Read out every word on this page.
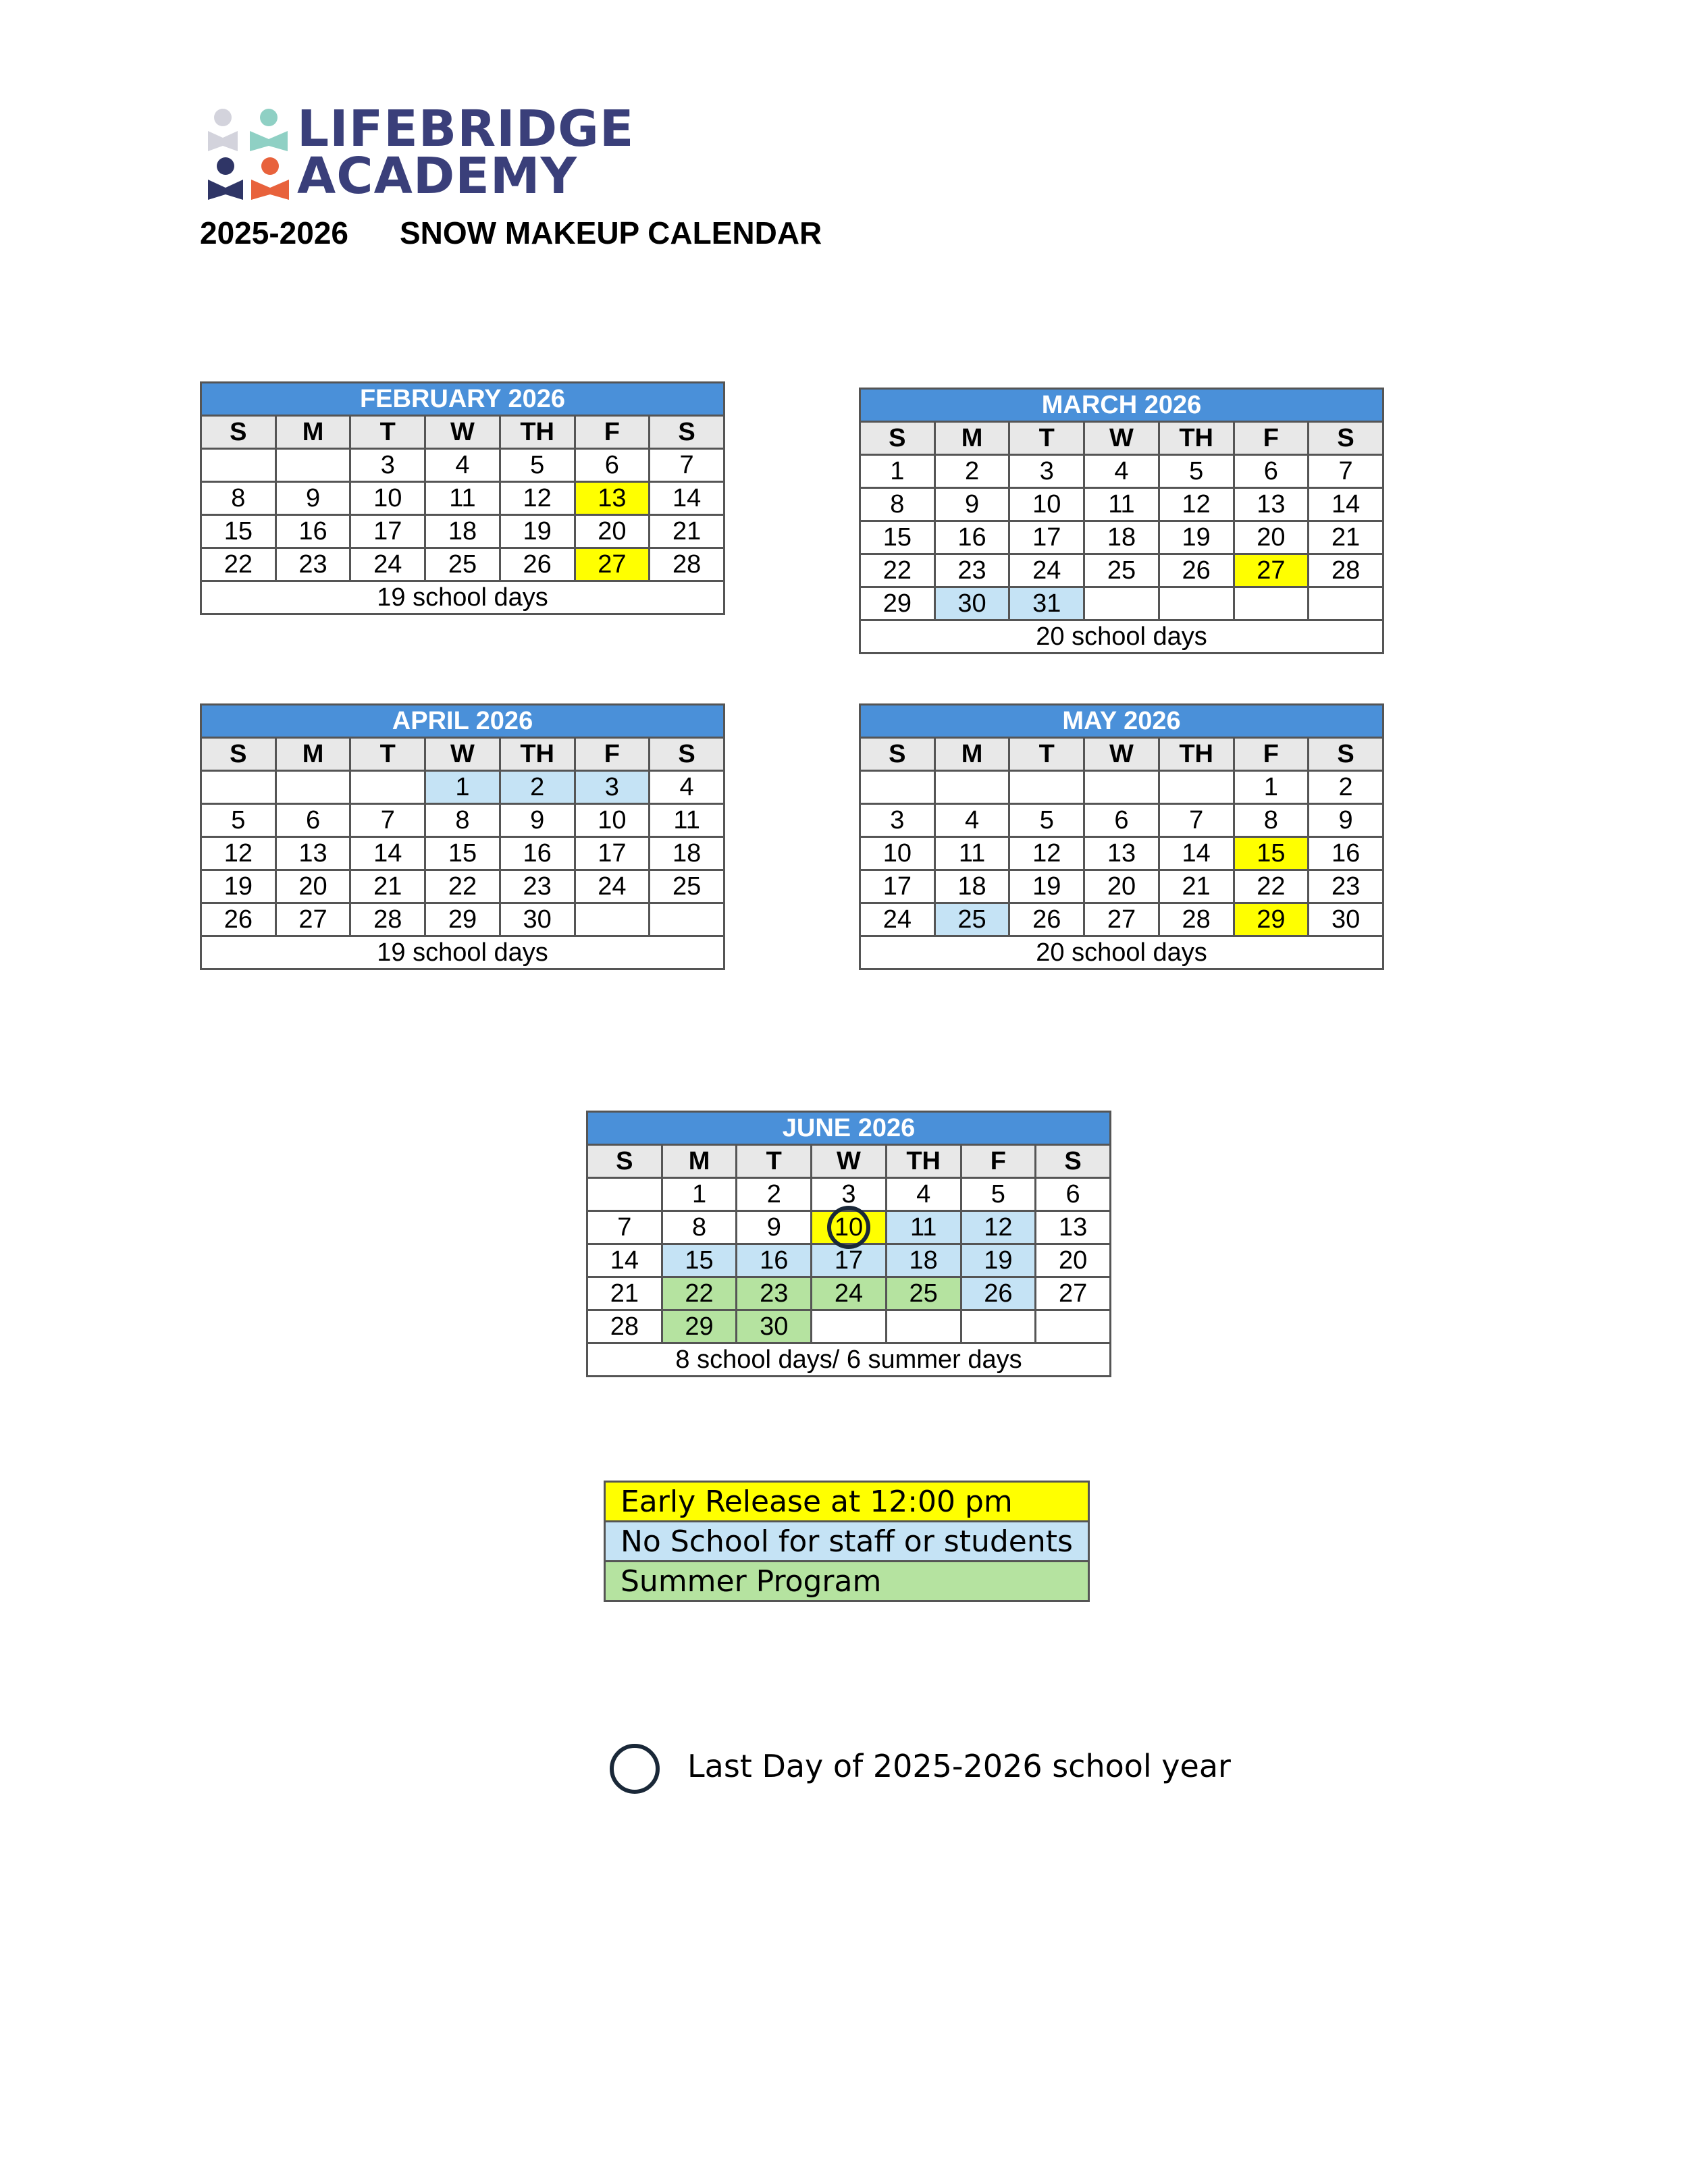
LIFEBRIDGE
ACADEMY
2025-2026 SNOW MAKEUP CALENDAR
FEBRUARY 2026						
S	M	T	W	TH	F	S
		3	4	5	6	7
8	9	10	11	12	13	14
15	16	17	18	19	20	21
22	23	24	25	26	27	28
19 school days						
MARCH 2026						
S	M	T	W	TH	F	S
1	2	3	4	5	6	7
8	9	10	11	12	13	14
15	16	17	18	19	20	21
22	23	24	25	26	27	28
29	30	31				
20 school days						
APRIL 2026						
S	M	T	W	TH	F	S
			1	2	3	4
5	6	7	8	9	10	11
12	13	14	15	16	17	18
19	20	21	22	23	24	25
26	27	28	29	30		
19 school days						
MAY 2026						
S	M	T	W	TH	F	S
					1	2
3	4	5	6	7	8	9
10	11	12	13	14	15	16
17	18	19	20	21	22	23
24	25	26	27	28	29	30
20 school days						
JUNE 2026						
S	M	T	W	TH	F	S
	1	2	3	4	5	6
7	8	9	10	11	12	13
14	15	16	17	18	19	20
21	22	23	24	25	26	27
28	29	30				
8 school days/ 6 summer days						
Early Release at 12:00 pm
No School for staff or students
Summer Program
Last Day of 2025-2026 school year
